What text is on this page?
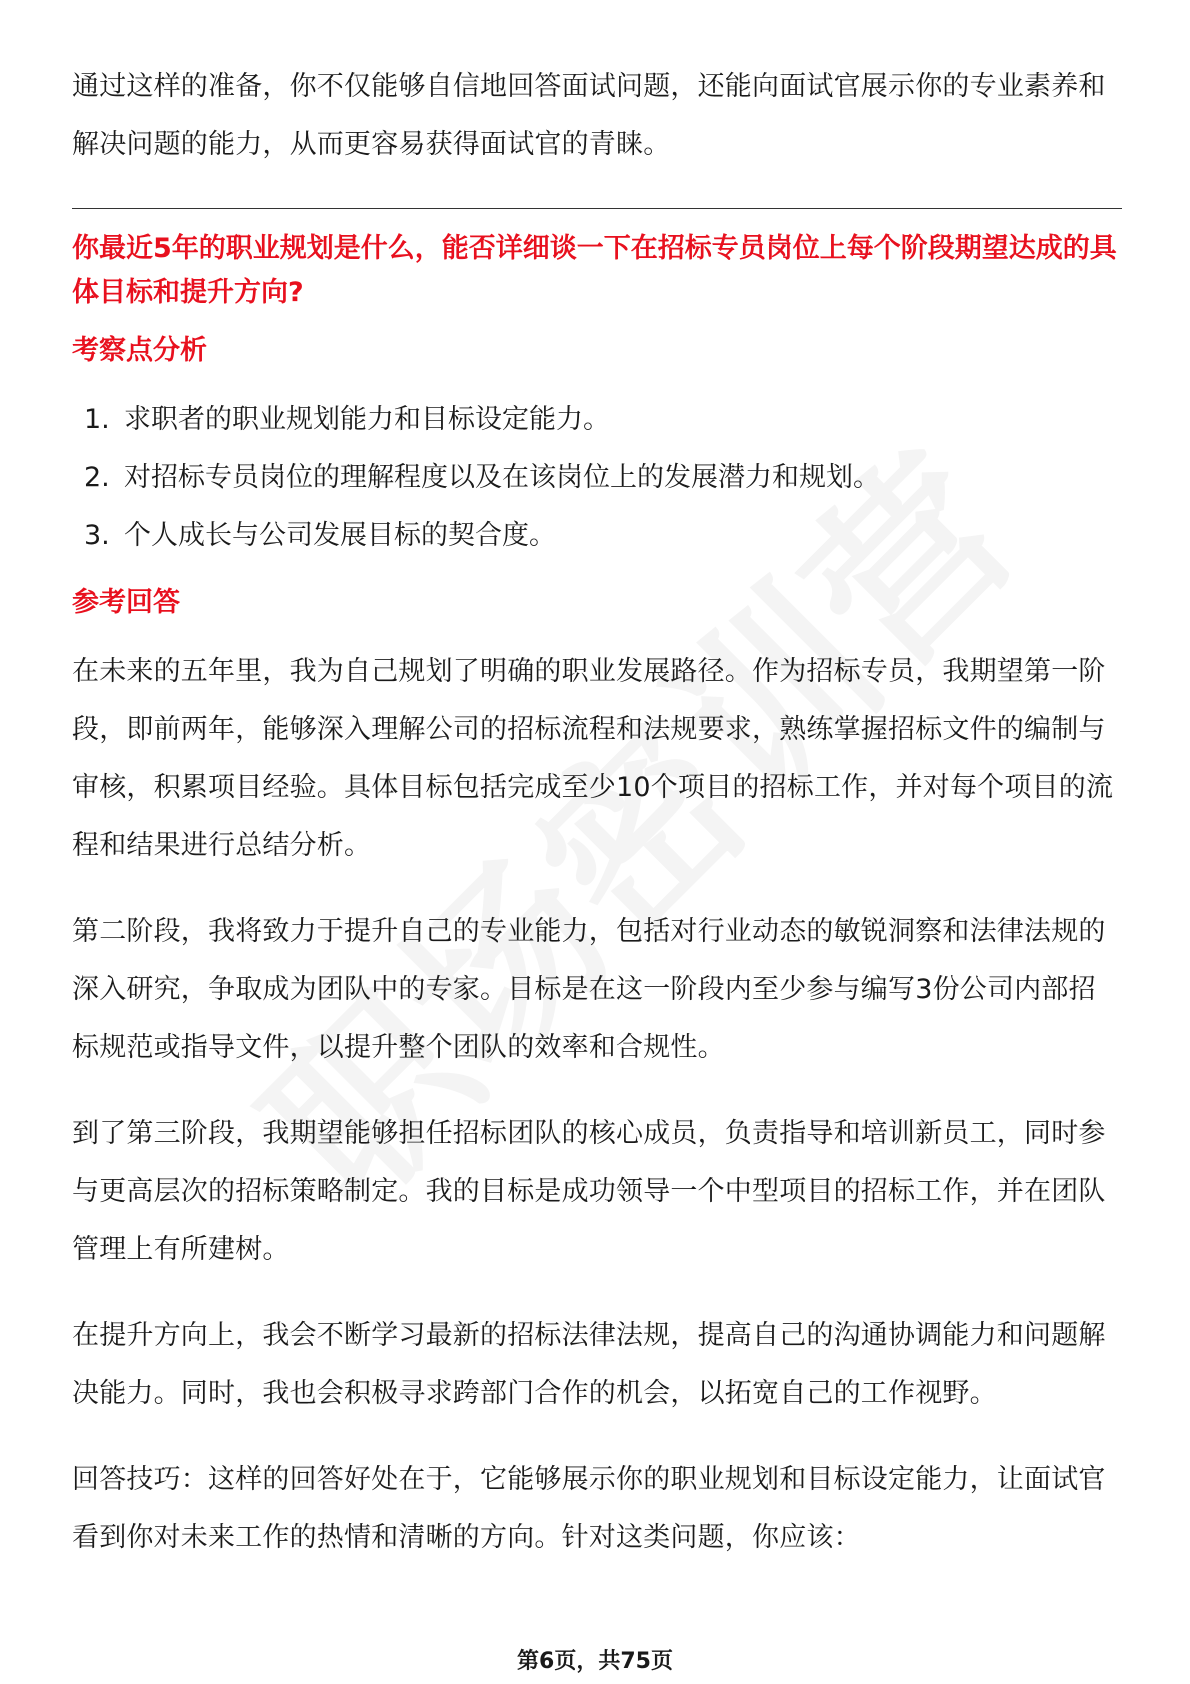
通过这样的准备，你不仅能够自信地回答面试问题，还能向面试官展示你的专业素养和解决问题的能力，从而更容易获得面试官的青睐。

你最近5年的职业规划是什么，能否详细谈一下在招标专员岗位上每个阶段期望达成的具体目标和提升方向?
考察点分析
1. 求职者的职业规划能力和目标设定能力。
2. 对招标专员岗位的理解程度以及在该岗位上的发展潜力和规划。
3. 个人成长与公司发展目标的契合度。
参考回答

在未来的五年里，我为自己规划了明确的职业发展路径。作为招标专员，我期望第一阶段，即前两年，能够深入理解公司的招标流程和法规要求，熟练掌握招标文件的编制与审核，积累项目经验。具体目标包括完成至少10个项目的招标工作，并对每个项目的流程和结果进行总结分析。

第二阶段，我将致力于提升自己的专业能力，包括对行业动态的敏锐洞察和法律法规的深入研究，争取成为团队中的专家。目标是在这一阶段内至少参与编写3份公司内部招标规范或指导文件，以提升整个团队的效率和合规性。

到了第三阶段，我期望能够担任招标团队的核心成员，负责指导和培训新员工，同时参与更高层次的招标策略制定。我的目标是成功领导一个中型项目的招标工作，并在团队管理上有所建树。

在提升方向上，我会不断学习最新的招标法律法规，提高自己的沟通协调能力和问题解决能力。同时，我也会积极寻求跨部门合作的机会，以拓宽自己的工作视野。

回答技巧：这样的回答好处在于，它能够展示你的职业规划和目标设定能力，让面试官看到你对未来工作的热情和清晰的方向。针对这类问题，你应该：

第6页，共75页
